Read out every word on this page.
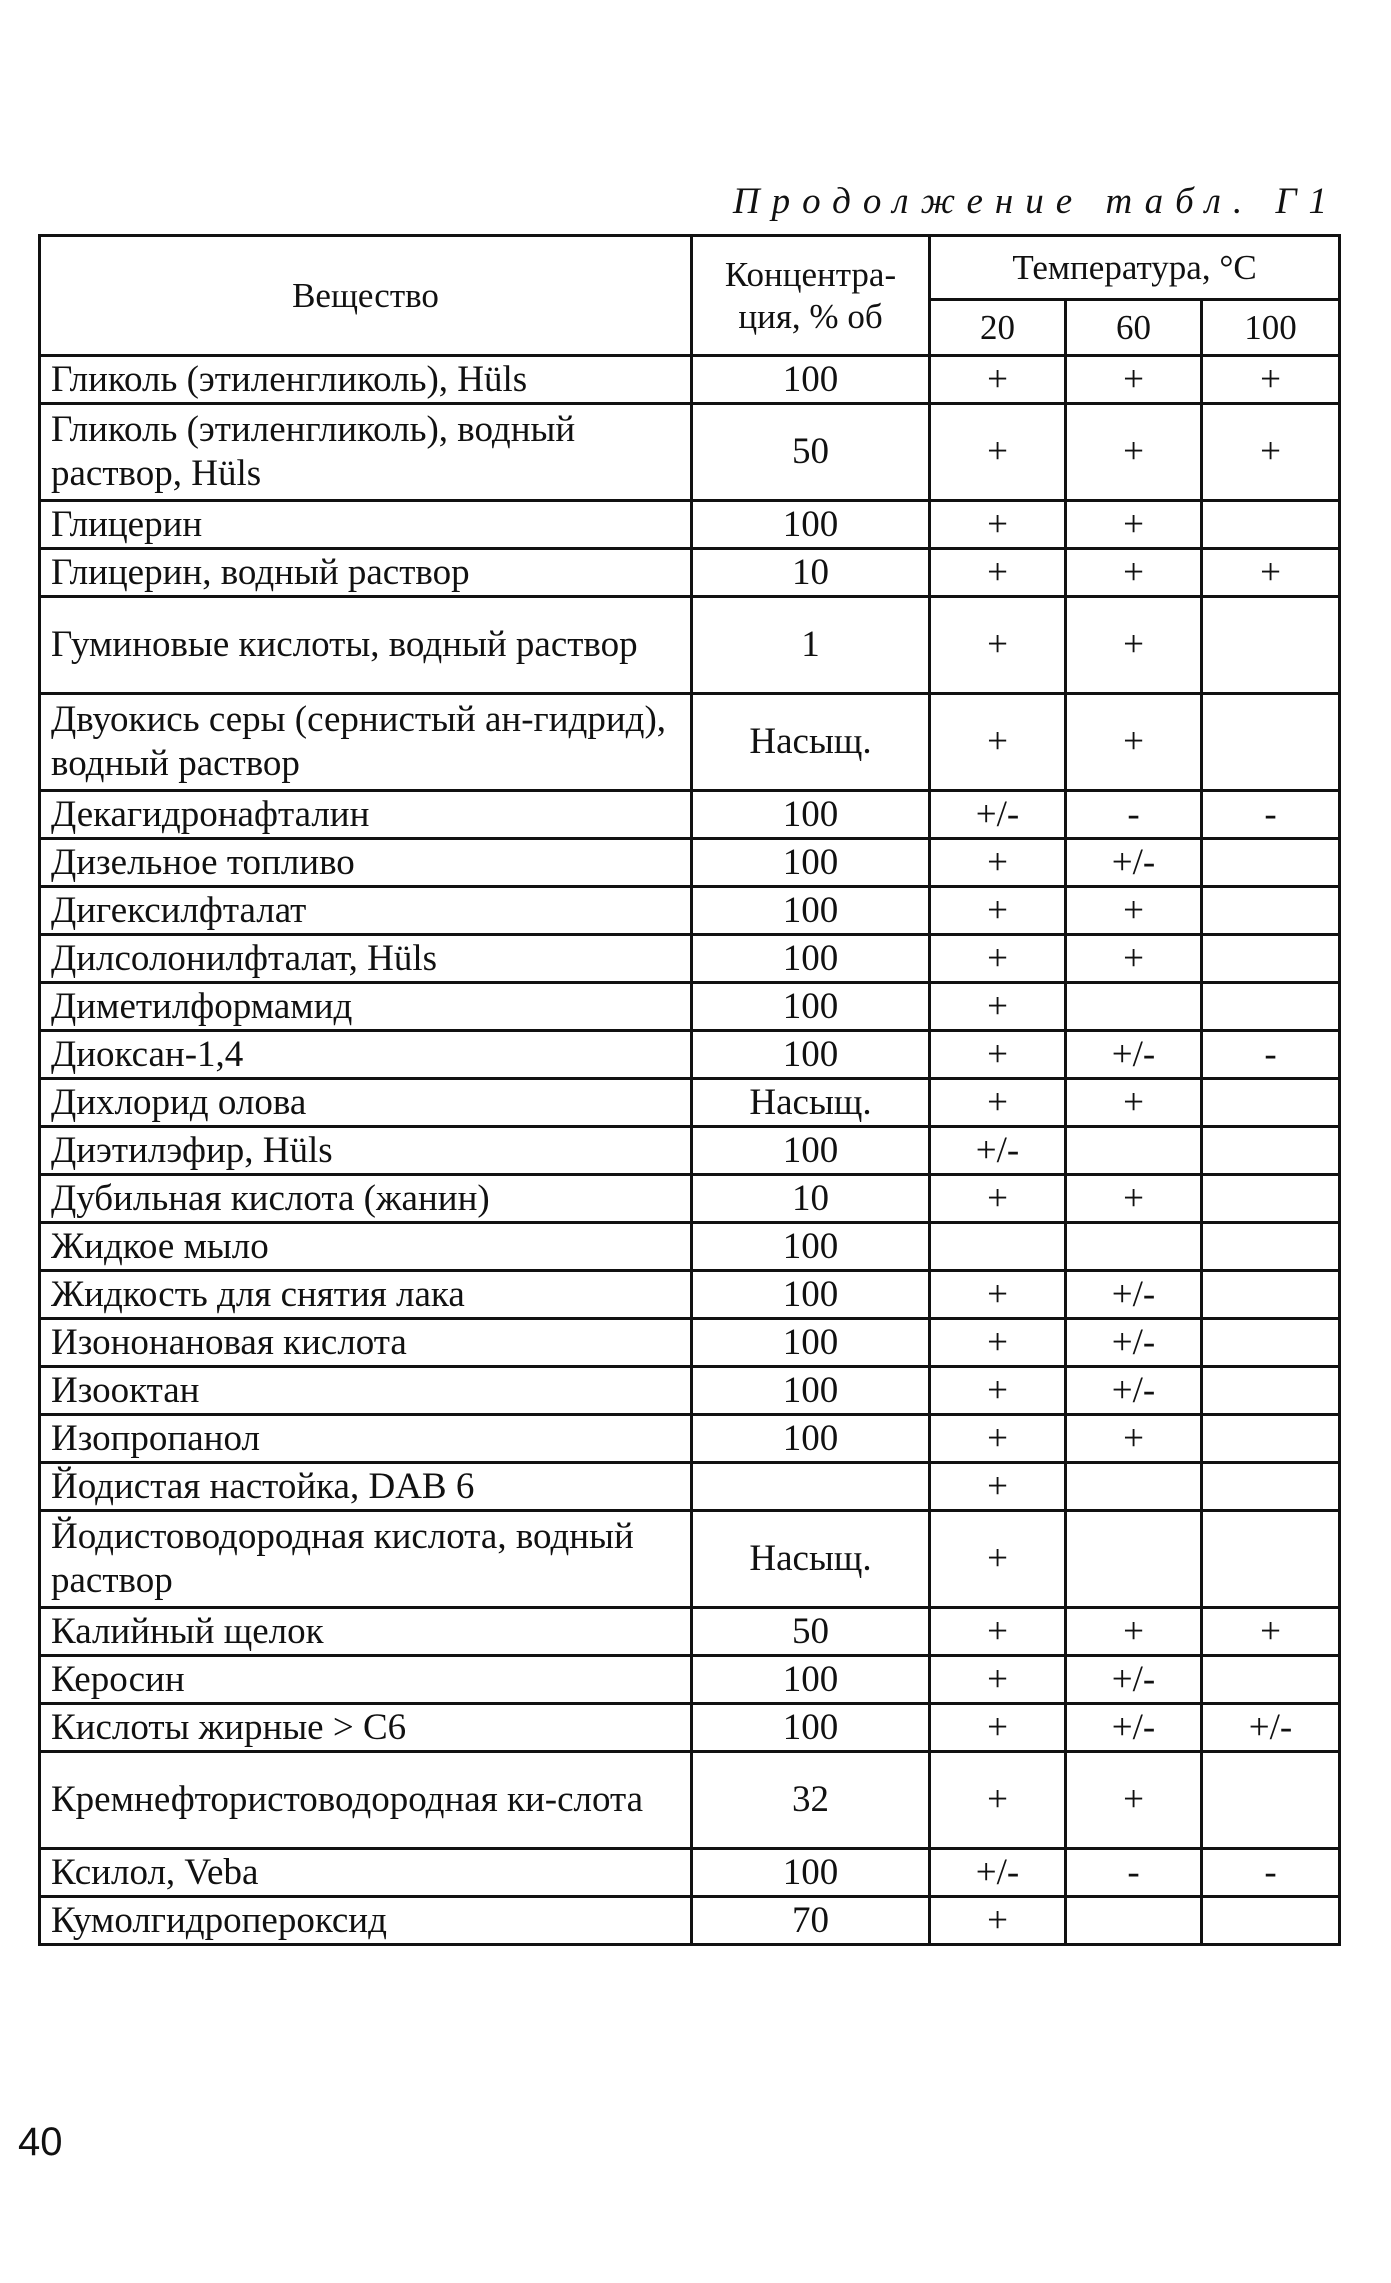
Продолжение табл. Г1
Вещество	Концентра-ция, % об	Температура, °С		
		20	60	100
Гликоль (этиленгликоль), Hüls	100	+	+	+
Гликоль (этиленгликоль), водный раствор, Hüls	50	+	+	+
Глицерин	100	+	+	
Глицерин, водный раствор	10	+	+	+
Гуминовые кислоты, водный раствор	1	+	+	
Двуокись серы (сернистый ан-гидрид), водный раствор	Насыщ.	+	+	
Декагидронафталин	100	+/-	-	-
Дизельное топливо	100	+	+/-	
Дигексилфталат	100	+	+	
Дилсолонилфталат, Hüls	100	+	+	
Диметилформамид	100	+		
Диоксан-1,4	100	+	+/-	-
Дихлорид олова	Насыщ.	+	+	
Диэтилэфир, Hüls	100	+/-		
Дубильная кислота (жанин)	10	+	+	
Жидкое мыло	100			
Жидкость для снятия лака	100	+	+/-	
Изононановая кислота	100	+	+/-	
Изооктан	100	+	+/-	
Изопропанол	100	+	+	
Йодистая настойка, DAB 6		+		
Йодистоводородная кислота, водный раствор	Насыщ.	+		
Калийный щелок	50	+	+	+
Керосин	100	+	+/-	
Кислоты жирные > С6	100	+	+/-	+/-
Кремнефтористоводородная ки-слота	32	+	+	
Ксилол, Veba	100	+/-	-	-
Кумолгидропероксид	70	+		
40
